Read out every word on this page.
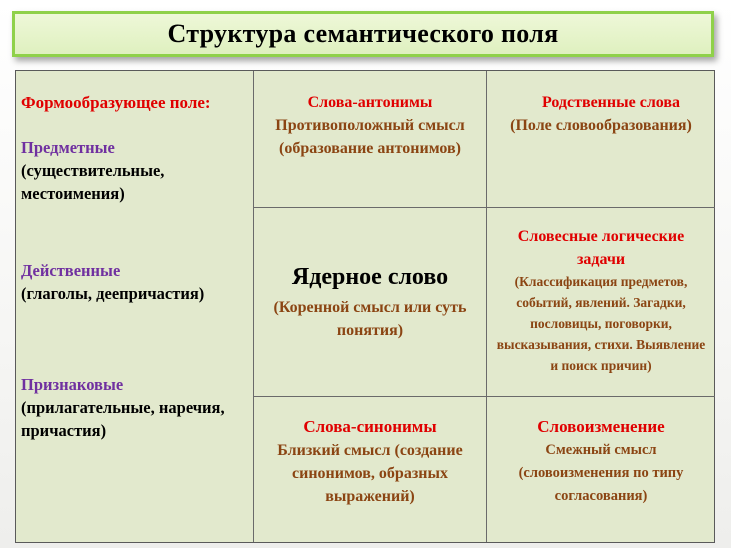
Структура семантического поля

Формообразующее поле:

Предметные

(существительные,

местоимения)

Действенные

(глаголы, деепричастия)

Признаковые

(прилагательные, наречия,

причастия)

Слова-антонимы
Противоположный смысл
(образование антонимов)
Родственные слова
(Поле словообразования)
Ядерное слово
(Коренной смысл или суть
понятия)
Словесные логические
задачи
(Классификация предметов,
событий, явлений. Загадки,
пословицы, поговорки,
высказывания, стихи. Выявление
и поиск причин)
Слова-синонимы
Близкий смысл (создание
синонимов, образных
выражений)
Словоизменение
Смежный смысл
(словоизменения по типу
согласования)
